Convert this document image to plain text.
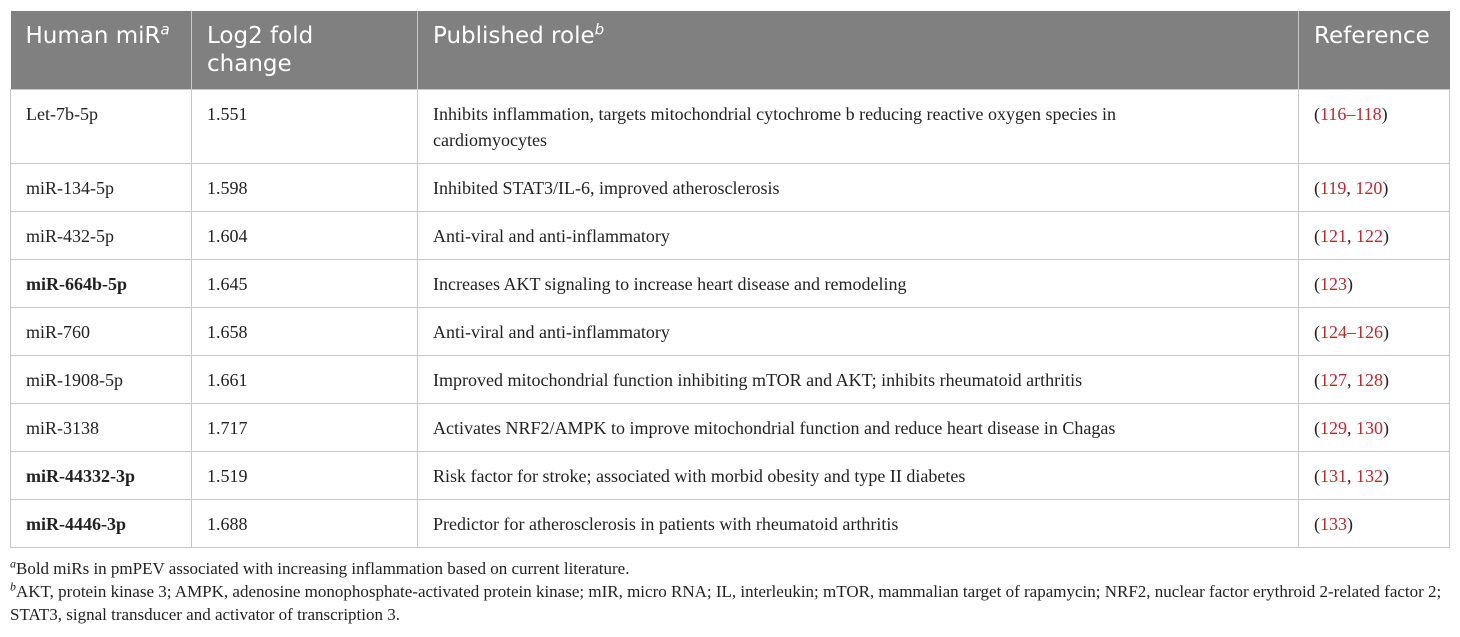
Human miR$^a$	Log2 fold change	Published role$^b$	Reference
Let-7b-5p	1.551	Inhibits inflammation, targets mitochondrial cytochrome b reducing reactive oxygen species in cardiomyocytes	(116–118)
miR-134-5p	1.598	Inhibited STAT3/IL-6, improved atherosclerosis	(119, 120)
miR-432-5p	1.604	Anti-viral and anti-inflammatory	(121, 122)
miR-664b-5p	1.645	Increases AKT signaling to increase heart disease and remodeling	(123)
miR-760	1.658	Anti-viral and anti-inflammatory	(124–126)
miR-1908-5p	1.661	Improved mitochondrial function inhibiting mTOR and AKT; inhibits rheumatoid arthritis	(127, 128)
miR-3138	1.717	Activates NRF2/AMPK to improve mitochondrial function and reduce heart disease in Chagas	(129, 130)
miR-44332-3p	1.519	Risk factor for stroke; associated with morbid obesity and type II diabetes	(131, 132)
miR-4446-3p	1.688	Predictor for atherosclerosis in patients with rheumatoid arthritis	(133)

$^a$Bold miRs in pmPEV associated with increasing inflammation based on current literature.

$^b$AKT, protein kinase 3; AMPK, adenosine monophosphate-activated protein kinase; mIR, micro RNA; IL, interleukin; mTOR, mammalian target of rapamycin; NRF2, nuclear factor erythroid 2-related factor 2; STAT3, signal transducer and activator of transcription 3.
